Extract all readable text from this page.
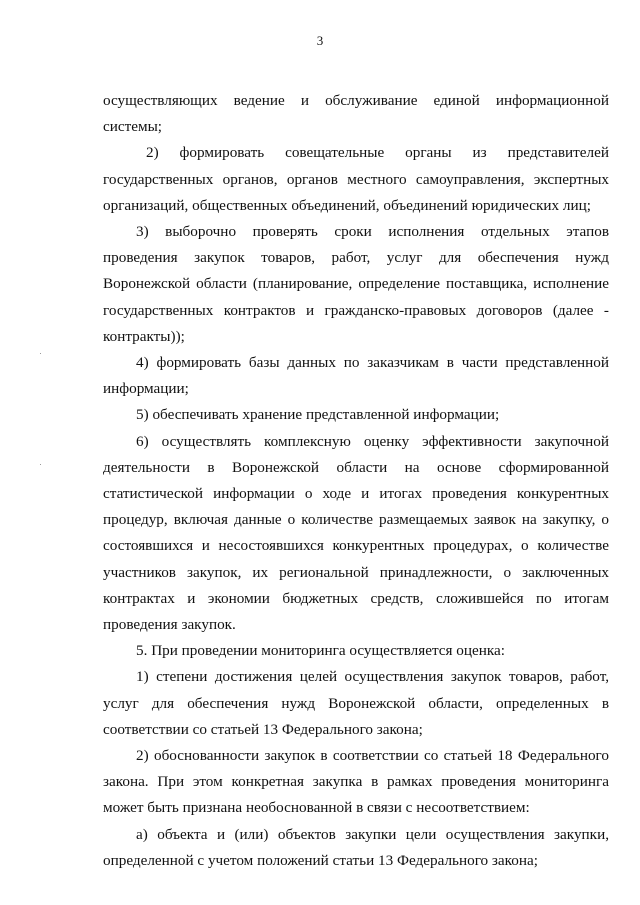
3

осуществляющих ведение и обслуживание единой информационной системы;

2) формировать совещательные органы из представителей государственных органов, органов местного самоуправления, экспертных организаций, общественных объединений, объединений юридических лиц;

3) выборочно проверять сроки исполнения отдельных этапов проведения закупок товаров, работ, услуг для обеспечения нужд Воронежской области (планирование, определение поставщика, исполнение государственных контрактов и гражданско-правовых договоров (далее - контракты));

4) формировать базы данных по заказчикам в части представленной информации;

5) обеспечивать хранение представленной информации;

6) осуществлять комплексную оценку эффективности закупочной деятельности в Воронежской области на основе сформированной статистической информации о ходе и итогах проведения конкурентных процедур, включая данные о количестве размещаемых заявок на закупку, о состоявшихся и несостоявшихся конкурентных процедурах, о количестве участников закупок, их региональной принадлежности, о заключенных контрактах и экономии бюджетных средств, сложившейся по итогам проведения закупок.

5. При проведении мониторинга осуществляется оценка:

1) степени достижения целей осуществления закупок товаров, работ, услуг для обеспечения нужд Воронежской области, определенных в соответствии со статьей 13 Федерального закона;

2) обоснованности закупок в соответствии со статьей 18 Федерального закона. При этом конкретная закупка в рамках проведения мониторинга может быть признана необоснованной в связи с несоответствием:

а) объекта и (или) объектов закупки цели осуществления закупки, определенной с учетом положений статьи 13 Федерального закона;
